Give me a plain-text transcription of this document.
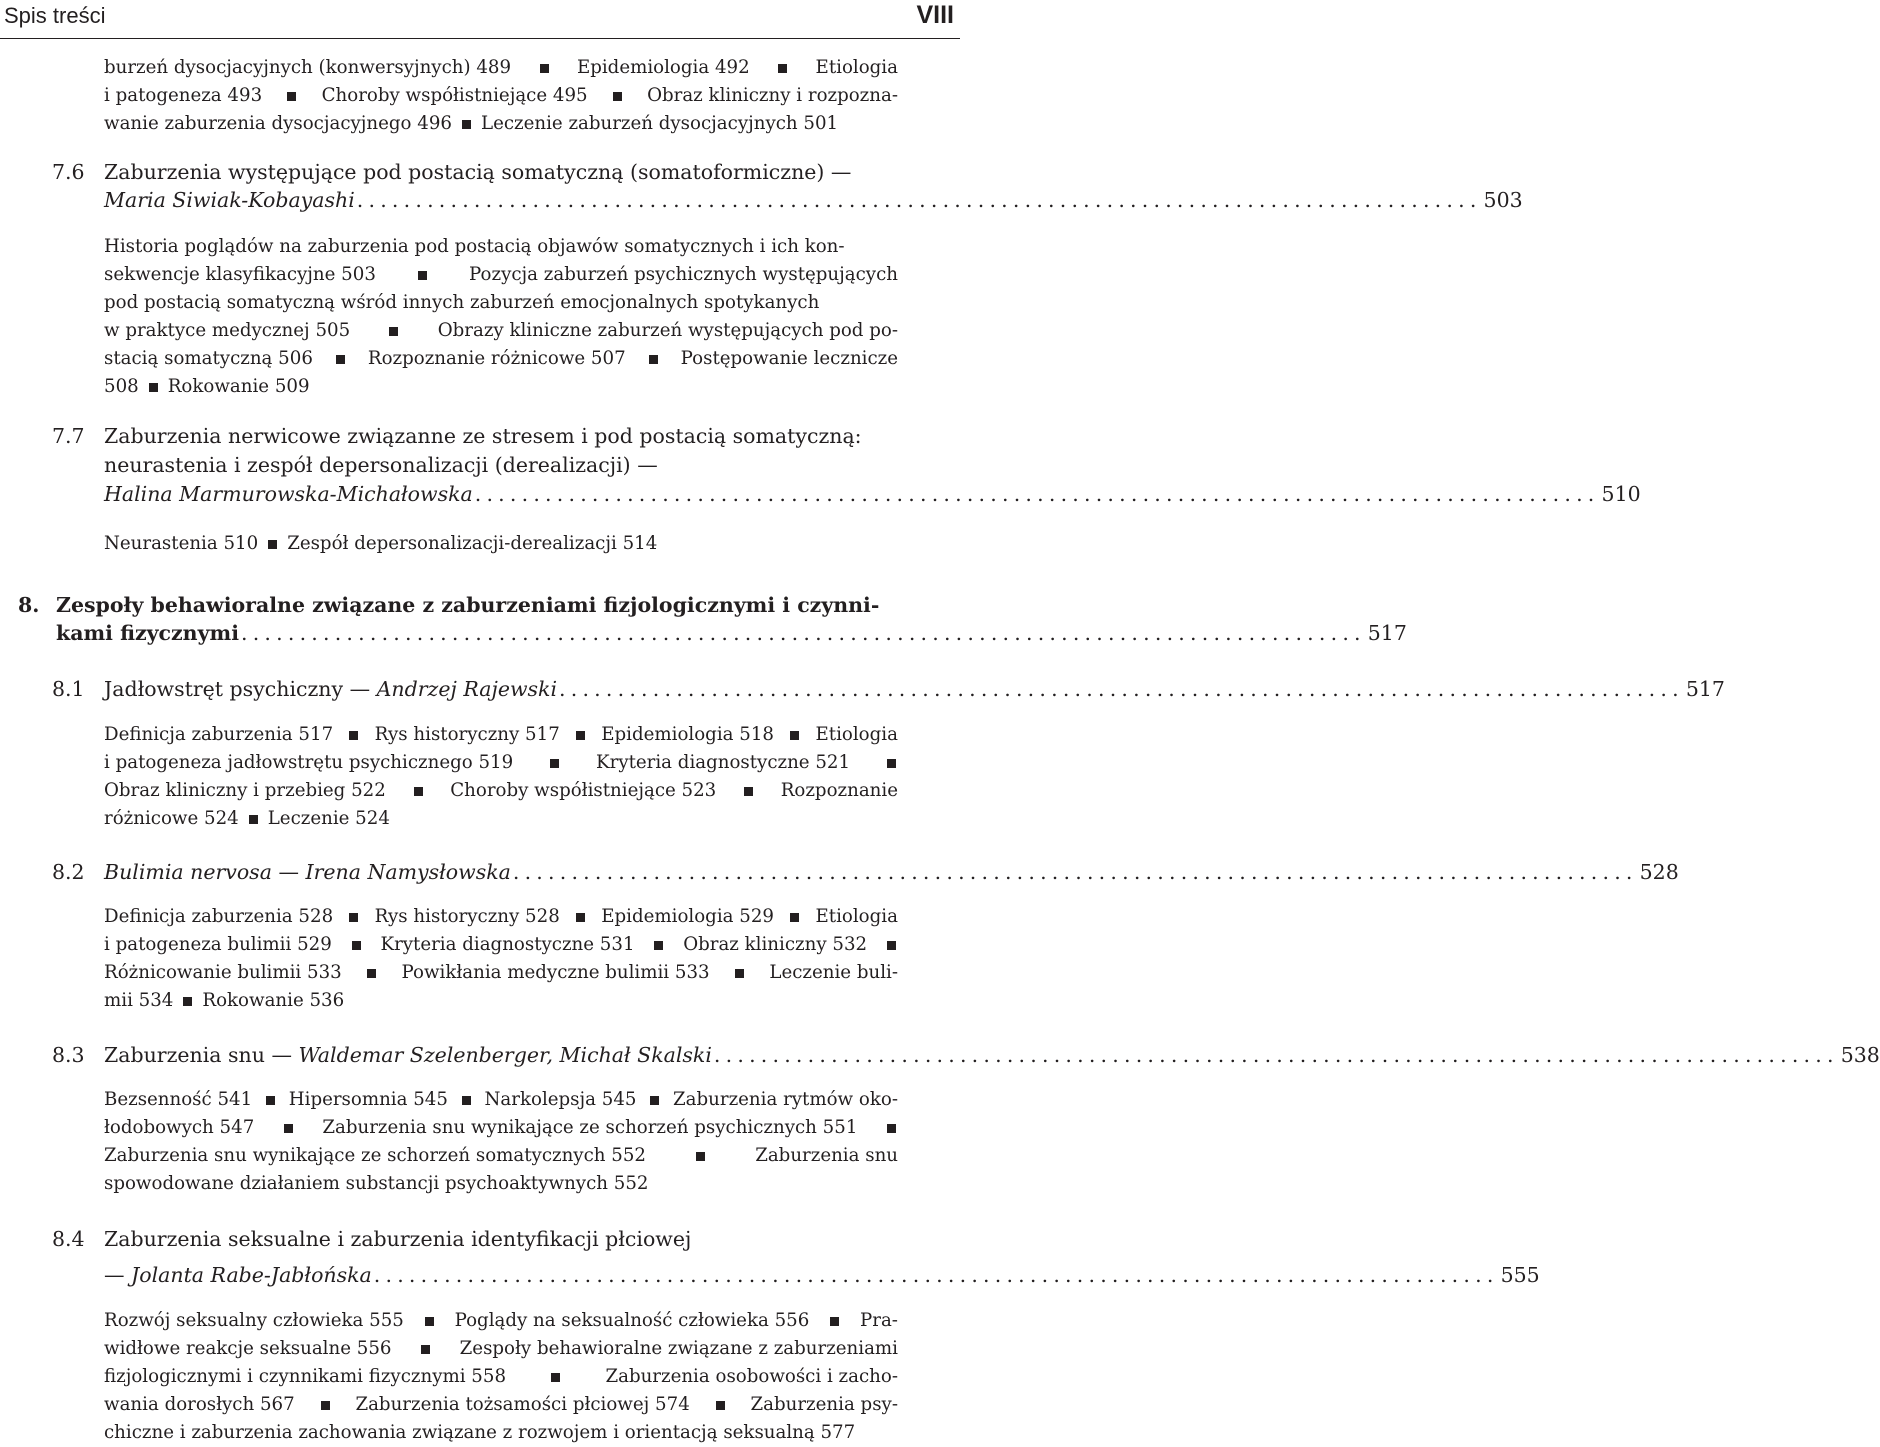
Spis treści	VIII
burzeń dysocjacyjnych (konwersyjnych) 489	Epidemiologia 492	Etiologia
i patogeneza 493	Choroby współistniejące 495	Obraz kliniczny i rozpozna-
wanie zaburzenia dysocjacyjnego 496 Leczenie zaburzeń dysocjacyjnych 501
7.6 Zaburzenia występujące pod postacią somatyczną (somatoformiczne) —
Maria Siwiak-Kobayashi ................................................................................................ 503
Historia poglądów na zaburzenia pod postacią objawów somatycznych i ich kon-
sekwencje klasyfikacyjne 503	Pozycja zaburzeń psychicznych występujących
pod postacią somatyczną wśród innych zaburzeń emocjonalnych spotykanych
w praktyce medycznej 505	Obrazy kliniczne zaburzeń występujących pod po-
stacią somatyczną 506	Rozpoznanie różnicowe 507	Postępowanie lecznicze
508 Rokowanie 509
7.7 Zaburzenia nerwicowe związanne ze stresem i pod postacią somatyczną:
neurastenia i zespół depersonalizacji (derealizacji) —
Halina Marmurowska-Michałowska ................................................................................................ 510
Neurastenia 510 Zespół depersonalizacji-derealizacji 514
8. Zespoły behawioralne związane z zaburzeniami fizjologicznymi i czynni-
kami fizycznymi ................................................................................................ 517
8.1 Jadłowstręt psychiczny —
Andrzej Rajewski ................................................................................................ 517
Definicja zaburzenia 517 Rys historyczny 517 Epidemiologia 518 Etiologia
i patogeneza jadłowstrętu psychicznego 519	Kryteria diagnostyczne 521
Obraz kliniczny i przebieg 522	Choroby współistniejące 523	Rozpoznanie
różnicowe 524 Leczenie 524
8.2 Bulimia nervosa
—
Irena Namysłowska ................................................................................................ 528
Definicja zaburzenia 528 Rys historyczny 528 Epidemiologia 529 Etiologia
i patogeneza bulimii 529	Kryteria diagnostyczne 531	Obraz kliniczny 532
Różnicowanie bulimii 533	Powikłania medyczne bulimii 533	Leczenie buli-
mii 534 Rokowanie 536
8.3 Zaburzenia snu —
Waldemar Szelenberger, Michał Skalski ................................................................................................ 538
Bezsenność 541 Hipersomnia 545 Narkolepsja 545 Zaburzenia rytmów oko-
łodobowych 547	Zaburzenia snu wynikające ze schorzeń psychicznych 551
Zaburzenia snu wynikające ze schorzeń somatycznych 552	Zaburzenia snu
spowodowane działaniem substancji psychoaktywnych 552
8.4 Zaburzenia seksualne i zaburzenia identyfikacji płciowej
—
Jolanta Rabe-Jabłońska ................................................................................................ 555
Rozwój seksualny człowieka 555	Poglądy na seksualność człowieka 556	Pra-
widłowe reakcje seksualne 556	Zespoły behawioralne związane z zaburzeniami
fizjologicznymi i czynnikami fizycznymi 558	Zaburzenia osobowości i zacho-
wania dorosłych 567	Zaburzenia tożsamości płciowej 574	Zaburzenia psy-
chiczne i zaburzenia zachowania związane z rozwojem i orientacją seksualną 577
